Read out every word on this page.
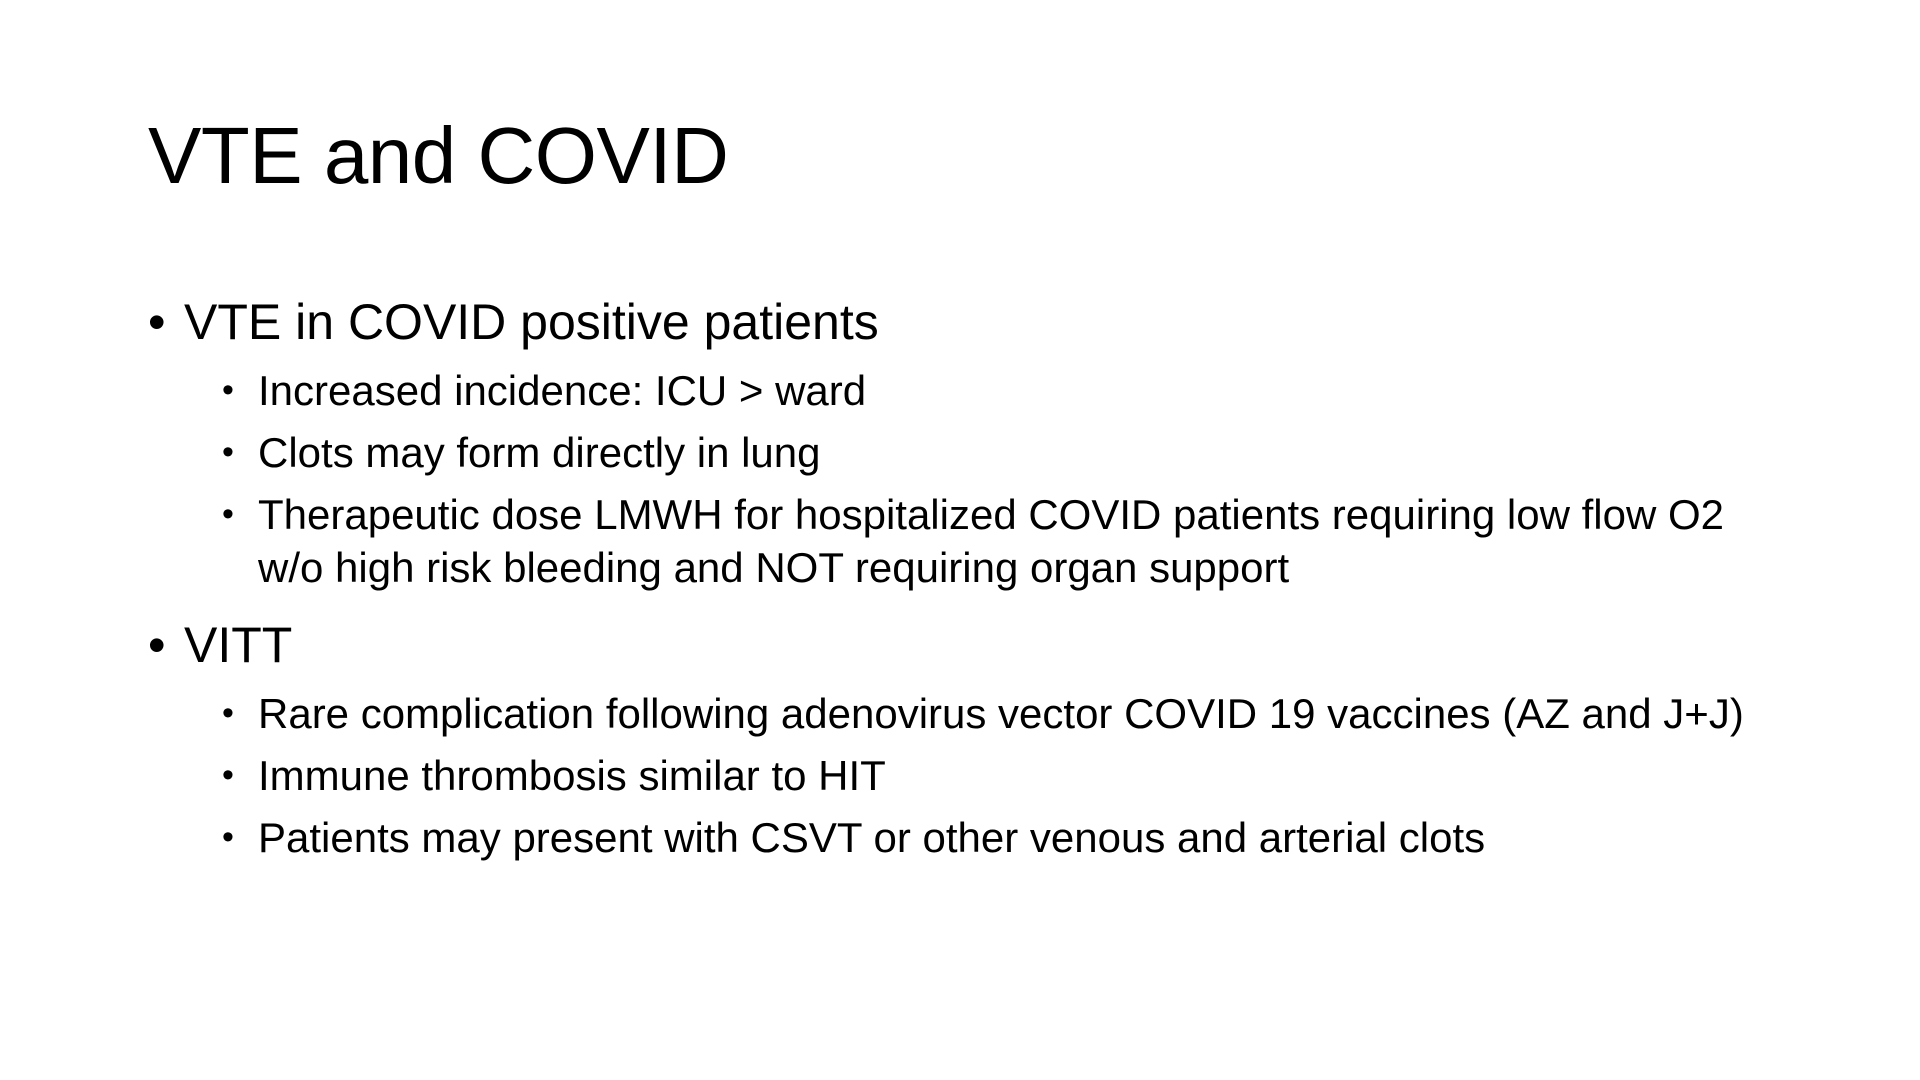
VTE and COVID
• VTE in COVID positive patients
• Increased incidence: ICU > ward
• Clots may form directly in lung
• Therapeutic dose LMWH for hospitalized COVID patients requiring low flow O2 w/o high risk bleeding and NOT requiring organ support
• VITT
• Rare complication following adenovirus vector COVID 19 vaccines (AZ and J+J)
• Immune thrombosis similar to HIT
• Patients may present with CSVT or other venous and arterial clots
